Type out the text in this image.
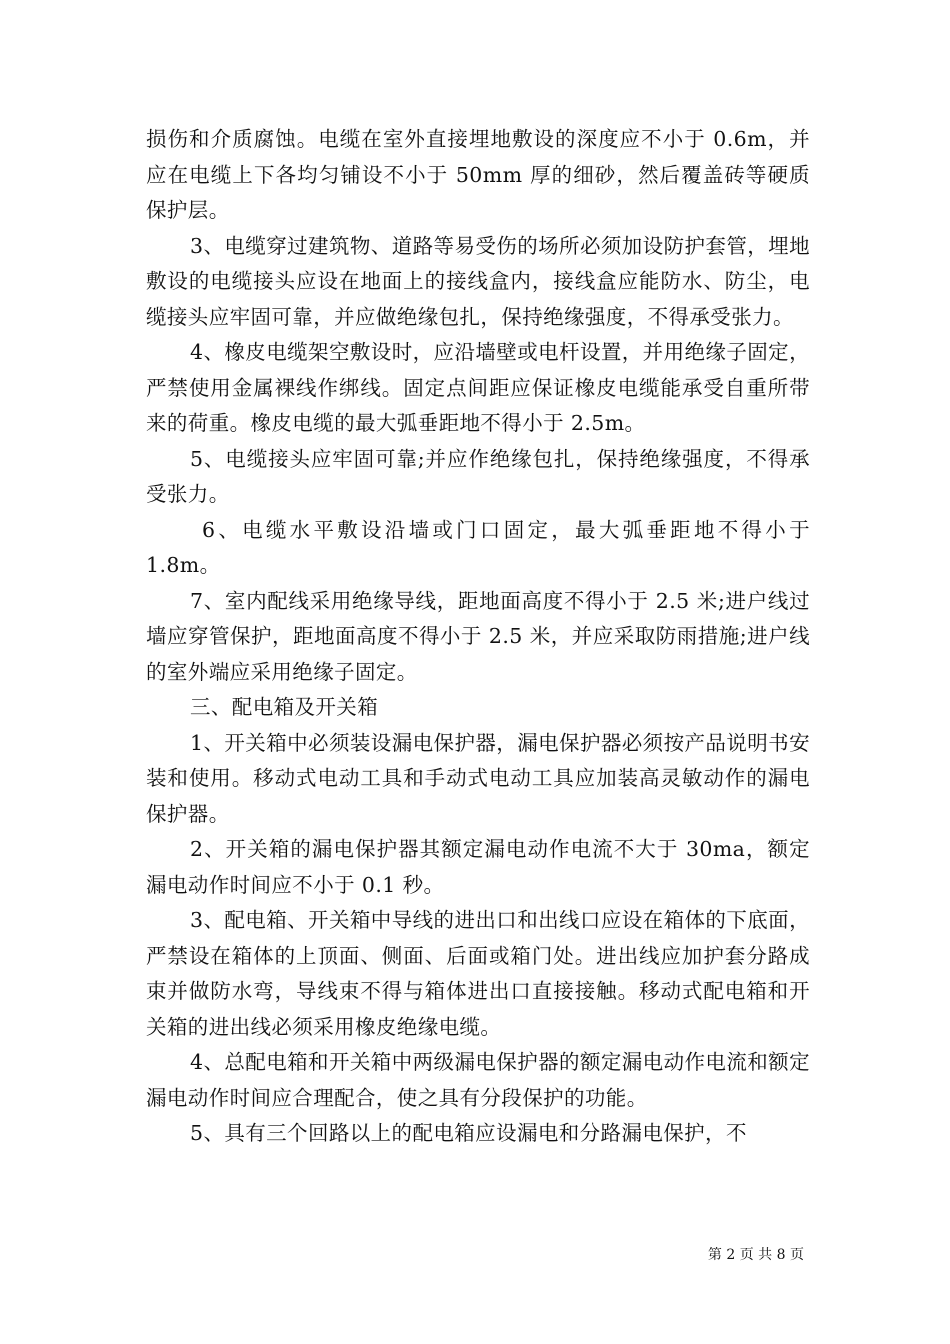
损伤和介质腐蚀。电缆在室外直接埋地敷设的深度应不小于 0.6m，并应在电缆上下各均匀铺设不小于 50mm 厚的细砂，然后覆盖砖等硬质保护层。

3、电缆穿过建筑物、道路等易受伤的场所必须加设防护套管，埋地敷设的电缆接头应设在地面上的接线盒内，接线盒应能防水、防尘，电缆接头应牢固可靠，并应做绝缘包扎，保持绝缘强度，不得承受张力。

4、橡皮电缆架空敷设时，应沿墙壁或电杆设置，并用绝缘子固定，严禁使用金属裸线作绑线。固定点间距应保证橡皮电缆能承受自重所带来的荷重。橡皮电缆的最大弧垂距地不得小于 2.5m。

5、电缆接头应牢固可靠;并应作绝缘包扎，保持绝缘强度，不得承受张力。

6、电缆水平敷设沿墙或门口固定，最大弧垂距地不得小于 1.8m。

7、室内配线采用绝缘导线，距地面高度不得小于 2.5 米;进户线过墙应穿管保护，距地面高度不得小于 2.5 米，并应采取防雨措施;进户线的室外端应采用绝缘子固定。

三、配电箱及开关箱

1、开关箱中必须装设漏电保护器，漏电保护器必须按产品说明书安装和使用。移动式电动工具和手动式电动工具应加装高灵敏动作的漏电保护器。

2、开关箱的漏电保护器其额定漏电动作电流不大于 30ma，额定漏电动作时间应不小于 0.1 秒。

3、配电箱、开关箱中导线的进出口和出线口应设在箱体的下底面，严禁设在箱体的上顶面、侧面、后面或箱门处。进出线应加护套分路成束并做防水弯，导线束不得与箱体进出口直接接触。移动式配电箱和开关箱的进出线必须采用橡皮绝缘电缆。

4、总配电箱和开关箱中两级漏电保护器的额定漏电动作电流和额定漏电动作时间应合理配合，使之具有分段保护的功能。

5、具有三个回路以上的配电箱应设漏电和分路漏电保护，不

第 2 页 共 8 页
